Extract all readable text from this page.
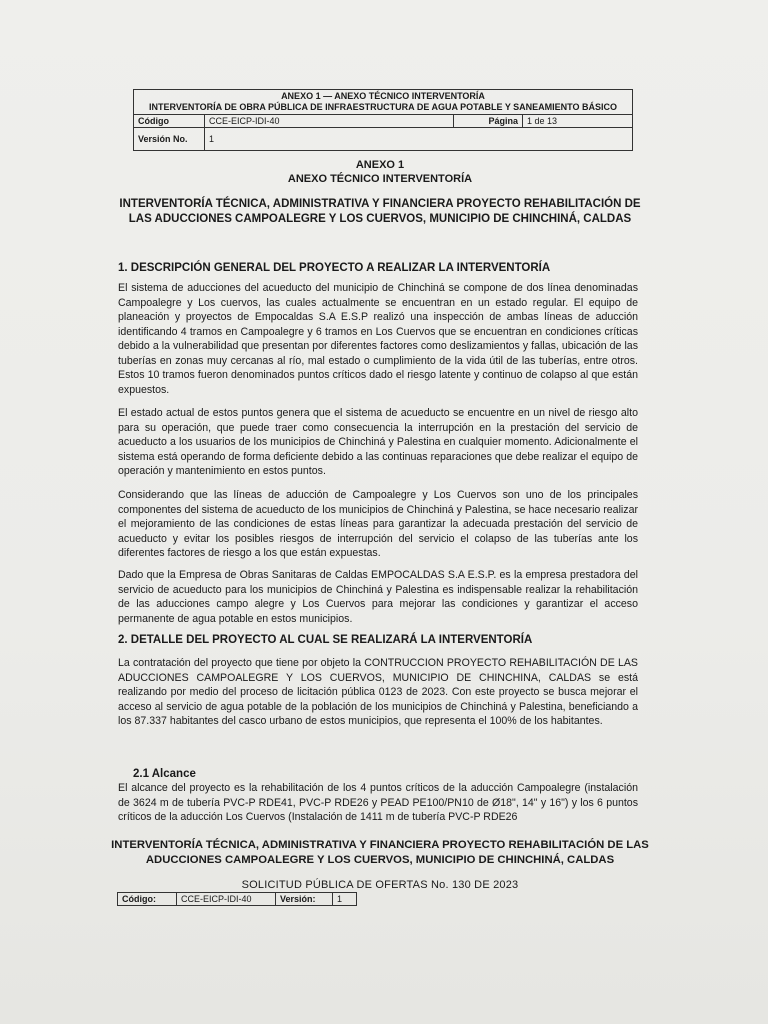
ANEXO 1 — ANEXO TÉCNICO INTERVENTORÍA
INTERVENTORÍA DE OBRA PÚBLICA DE INFRAESTRUCTURA DE AGUA POTABLE Y SANEAMIENTO BÁSICO			

Código	CCE-EICP-IDI-40	Página	1 de 13
Versión No.	1		
ANEXO 1
ANEXO TÉCNICO INTERVENTORÍA
INTERVENTORÍA TÉCNICA, ADMINISTRATIVA Y FINANCIERA PROYECTO REHABILITACIÓN DE LAS ADUCCIONES CAMPOALEGRE Y LOS CUERVOS, MUNICIPIO DE CHINCHINÁ, CALDAS
1. DESCRIPCIÓN GENERAL DEL PROYECTO A REALIZAR LA INTERVENTORÍA

El sistema de aducciones del acueducto del municipio de Chinchiná se compone de dos línea denominadas Campoalegre y Los cuervos, las cuales actualmente se encuentran en un estado regular. El equipo de planeación y proyectos de Empocaldas S.A E.S.P realizó una inspección de ambas líneas de aducción identificando 4 tramos en Campoalegre y 6 tramos en Los Cuervos que se encuentran en condiciones críticas debido a la vulnerabilidad que presentan por diferentes factores como deslizamientos y fallas, ubicación de las tuberías en zonas muy cercanas al río, mal estado o cumplimiento de la vida útil de las tuberías, entre otros. Estos 10 tramos fueron denominados puntos críticos dado el riesgo latente y continuo de colapso al que están expuestos.

El estado actual de estos puntos genera que el sistema de acueducto se encuentre en un nivel de riesgo alto para su operación, que puede traer como consecuencia la interrupción en la prestación del servicio de acueducto a los usuarios de los municipios de Chinchiná y Palestina en cualquier momento. Adicionalmente el sistema está operando de forma deficiente debido a las continuas reparaciones que debe realizar el equipo de operación y mantenimiento en estos puntos.

Considerando que las líneas de aducción de Campoalegre y Los Cuervos son uno de los principales componentes del sistema de acueducto de los municipios de Chinchiná y Palestina, se hace necesario realizar el mejoramiento de las condiciones de estas líneas para garantizar la adecuada prestación del servicio de acueducto y evitar los posibles riesgos de interrupción del servicio el colapso de las tuberías ante los diferentes factores de riesgo a los que están expuestas.

Dado que la Empresa de Obras Sanitaras de Caldas EMPOCALDAS S.A E.S.P. es la empresa prestadora del servicio de acueducto para los municipios de Chinchiná y Palestina es indispensable realizar la rehabilitación de las aducciones campo alegre y Los Cuervos para mejorar las condiciones y garantizar el acceso permanente de agua potable en estos municipios.

2. DETALLE DEL PROYECTO AL CUAL SE REALIZARÁ LA INTERVENTORÍA

La contratación del proyecto que tiene por objeto la CONTRUCCION PROYECTO REHABILITACIÓN DE LAS ADUCCIONES CAMPOALEGRE Y LOS CUERVOS, MUNICIPIO DE CHINCHINA, CALDAS se está realizando por medio del proceso de licitación pública 0123 de 2023. Con este proyecto se busca mejorar el acceso al servicio de agua potable de la población de los municipios de Chinchiná y Palestina, beneficiando a los 87.337 habitantes del casco urbano de estos municipios, que representa el 100% de los habitantes.

2.1 Alcance

El alcance del proyecto es la rehabilitación de los 4 puntos críticos de la aducción Campoalegre (instalación de 3624 m de tubería PVC-P RDE41, PVC-P RDE26 y PEAD PE100/PN10 de Ø18", 14" y 16") y los 6 puntos críticos de la aducción Los Cuervos (Instalación de 1411 m de tubería PVC-P RDE26

INTERVENTORÍA TÉCNICA, ADMINISTRATIVA Y FINANCIERA PROYECTO REHABILITACIÓN DE LAS ADUCCIONES CAMPOALEGRE Y LOS CUERVOS, MUNICIPIO DE CHINCHINÁ, CALDAS
SOLICITUD PÚBLICA DE OFERTAS No. 130 DE 2023
Código:	CCE-EICP-IDI-40	Versión:	1
